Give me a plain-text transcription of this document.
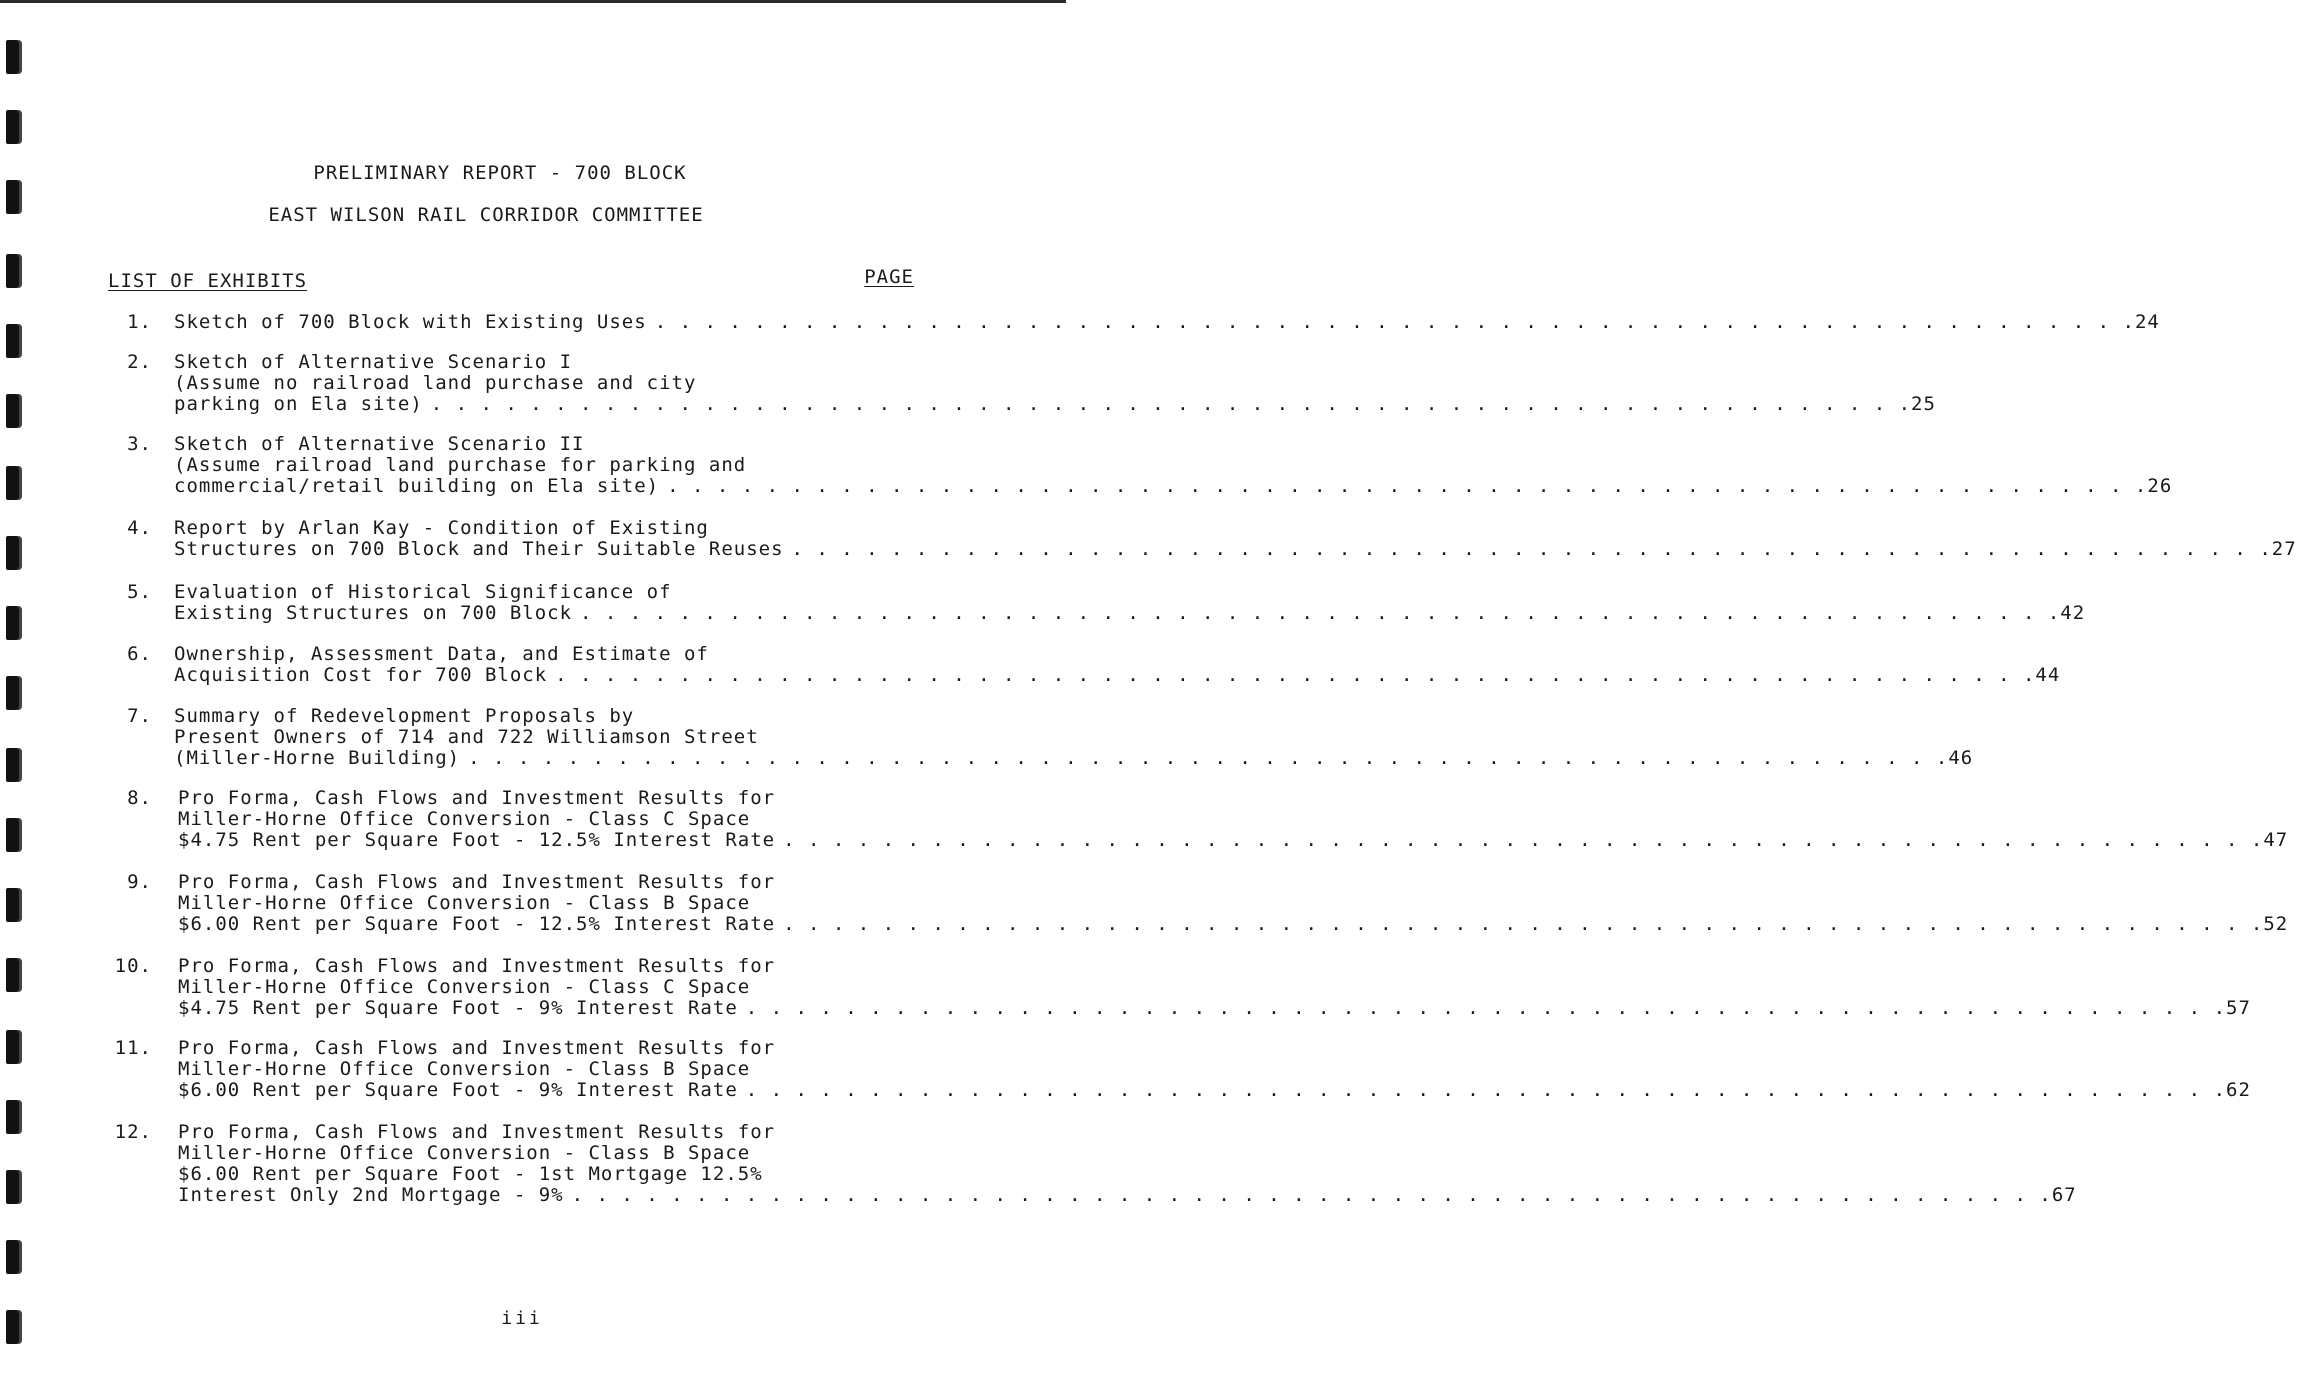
PRELIMINARY REPORT - 700 BLOCK
EAST WILSON RAIL CORRIDOR COMMITTEE
LIST OF EXHIBITS	PAGE
1. Sketch of 700 Block with Existing Uses . . . . . . . . . . . . . . . . . . . . . . . . . . . . . . . . . . . . . . . . . . . . . . . . . . . . . . . . . . . . 24
2. Sketch of Alternative Scenario I
(Assume no railroad land purchase and city
parking on Ela site) . . . . . . . . . . . . . . . . . . . . . . . . . . . . . . . . . . . . . . . . . . . . . . . . . . . . . . . . . . . . 25
3. Sketch of Alternative Scenario II
(Assume railroad land purchase for parking and
commercial/retail building on Ela site) . . . . . . . . . . . . . . . . . . . . . . . . . . . . . . . . . . . . . . . . . . . . . . . . . . . . . . . . . . . . 26
4. Report by Arlan Kay - Condition of Existing
Structures on 700 Block and Their Suitable Reuses . . . . . . . . . . . . . . . . . . . . . . . . . . . . . . . . . . . . . . . . . . . . . . . . . . . . . . . . . . . . 27
5. Evaluation of Historical Significance of
Existing Structures on 700 Block . . . . . . . . . . . . . . . . . . . . . . . . . . . . . . . . . . . . . . . . . . . . . . . . . . . . . . . . . . . . 42
6. Ownership, Assessment Data, and Estimate of
Acquisition Cost for 700 Block . . . . . . . . . . . . . . . . . . . . . . . . . . . . . . . . . . . . . . . . . . . . . . . . . . . . . . . . . . . . 44
7. Summary of Redevelopment Proposals by
Present Owners of 714 and 722 Williamson Street
(Miller-Horne Building) . . . . . . . . . . . . . . . . . . . . . . . . . . . . . . . . . . . . . . . . . . . . . . . . . . . . . . . . . . . . 46
8. Pro Forma, Cash Flows and Investment Results for
Miller-Horne Office Conversion - Class C Space
$4.75 Rent per Square Foot - 12.5% Interest Rate . . . . . . . . . . . . . . . . . . . . . . . . . . . . . . . . . . . . . . . . . . . . . . . . . . . . . . . . . . . . 47
9. Pro Forma, Cash Flows and Investment Results for
Miller-Horne Office Conversion - Class B Space
$6.00 Rent per Square Foot - 12.5% Interest Rate . . . . . . . . . . . . . . . . . . . . . . . . . . . . . . . . . . . . . . . . . . . . . . . . . . . . . . . . . . . . 52
10. Pro Forma, Cash Flows and Investment Results for
Miller-Horne Office Conversion - Class C Space
$4.75 Rent per Square Foot - 9% Interest Rate . . . . . . . . . . . . . . . . . . . . . . . . . . . . . . . . . . . . . . . . . . . . . . . . . . . . . . . . . . . . 57
11. Pro Forma, Cash Flows and Investment Results for
Miller-Horne Office Conversion - Class B Space
$6.00 Rent per Square Foot - 9% Interest Rate . . . . . . . . . . . . . . . . . . . . . . . . . . . . . . . . . . . . . . . . . . . . . . . . . . . . . . . . . . . . 62
12. Pro Forma, Cash Flows and Investment Results for
Miller-Horne Office Conversion - Class B Space
$6.00 Rent per Square Foot - 1st Mortgage 12.5%
Interest Only 2nd Mortgage - 9% . . . . . . . . . . . . . . . . . . . . . . . . . . . . . . . . . . . . . . . . . . . . . . . . . . . . . . . . . . . . 67
iii
